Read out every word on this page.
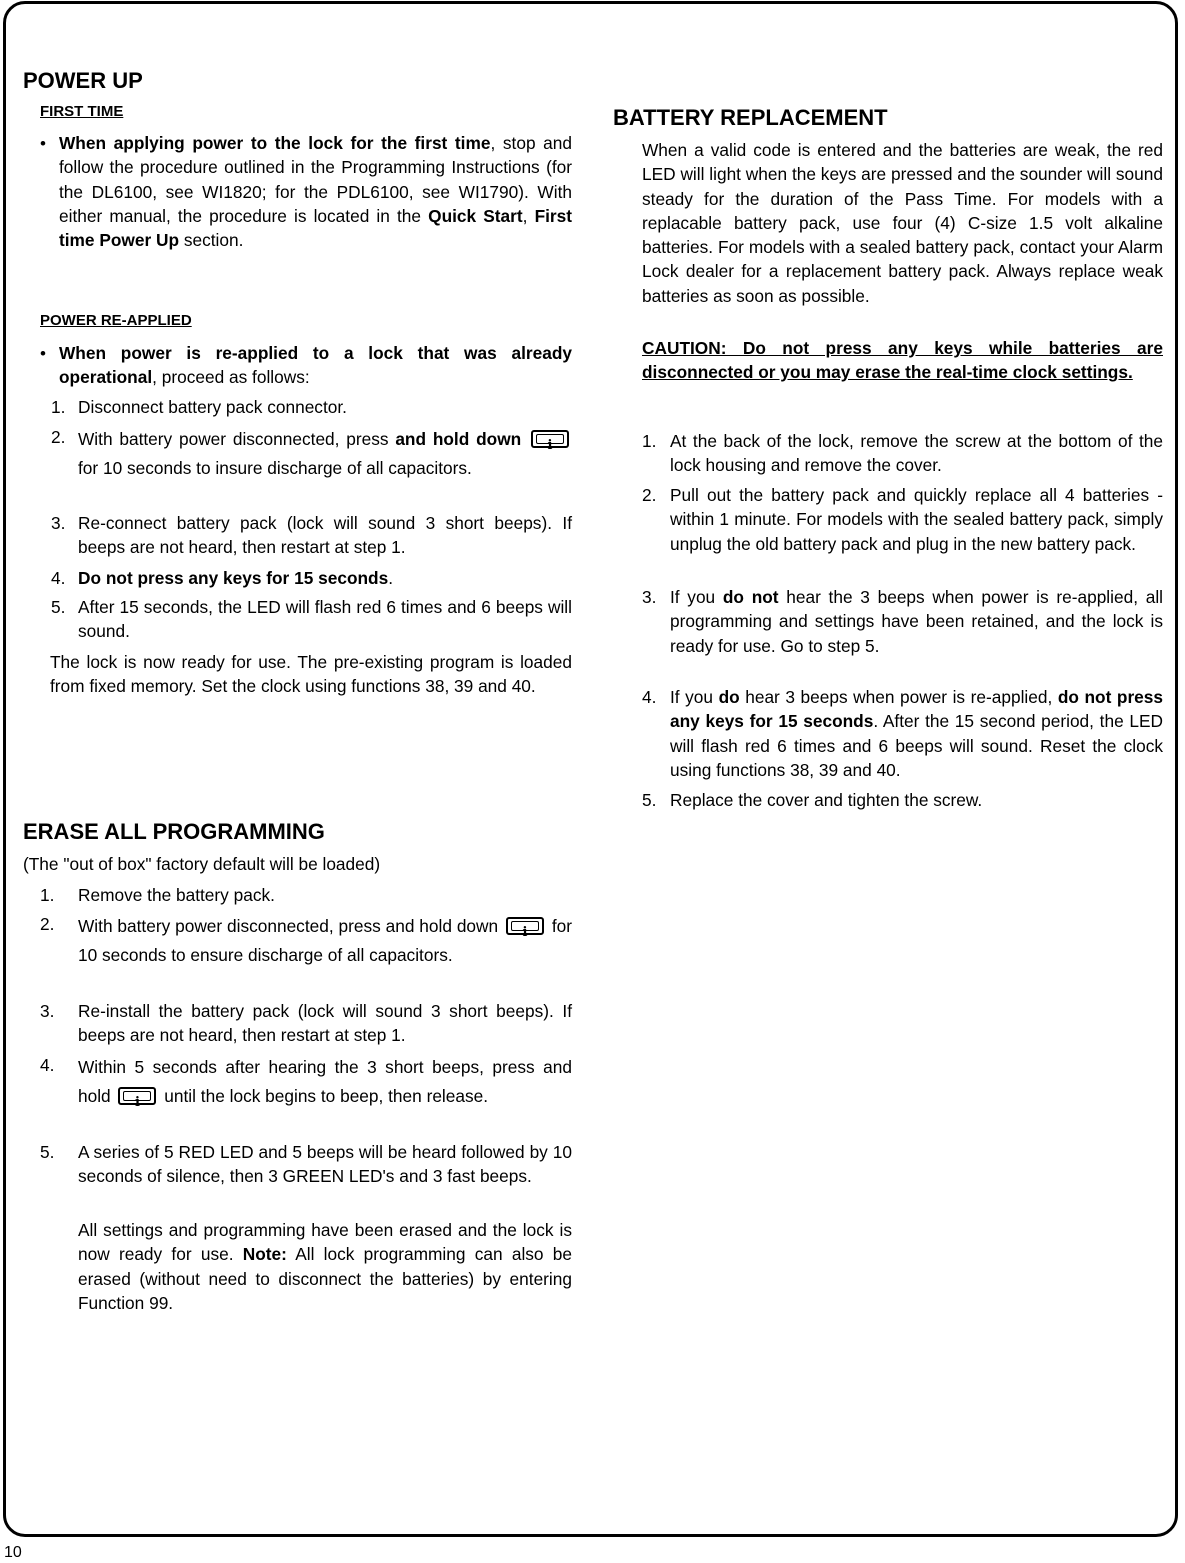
POWER UP
FIRST TIME
• When applying power to the lock for the first time, stop and follow the procedure outlined in the Programming Instructions (for the DL6100, see WI1820; for the PDL6100, see WI1790). With either manual, the procedure is located in the Quick Start, First time Power Up section.
POWER RE-APPLIED
• When power is re-applied to a lock that was already operational, proceed as follows:
1. Disconnect battery pack connector.
2. With battery power disconnected, press and hold down i for 10 seconds to insure discharge of all capacitors.
3. Re-connect battery pack (lock will sound 3 short beeps). If beeps are not heard, then restart at step 1.
4. Do not press any keys for 15 seconds.
5. After 15 seconds, the LED will flash red 6 times and 6 beeps will sound.
The lock is now ready for use. The pre-existing program is loaded from fixed memory. Set the clock using functions 38, 39 and 40.
ERASE ALL PROGRAMMING
(The "out of box" factory default will be loaded)
1. Remove the battery pack.
2. With battery power disconnected, press and hold down i	for 10 seconds to ensure discharge of all capacitors.
3. Re-install the battery pack (lock will sound 3 short beeps). If beeps are not heard, then restart at step 1.
4. Within 5 seconds after hearing the 3 short beeps, press and hold i	until the lock begins to beep, then release.
5. A series of 5 RED LED and 5 beeps will be heard followed by 10 seconds of silence, then 3 GREEN LED's and 3 fast beeps.
All settings and programming have been erased and the lock is now ready for use. Note: All lock programming can also be erased (without need to disconnect the batteries) by entering Function 99.
BATTERY REPLACEMENT
When a valid code is entered and the batteries are weak, the red LED will light when the keys are pressed and the sounder will sound steady for the duration of the Pass Time. For models with a replacable battery pack, use four (4) C-size 1.5 volt alkaline batteries. For models with a sealed battery pack, contact your Alarm Lock dealer for a replacement battery pack. Always replace weak batteries as soon as possible.
CAUTION: Do not press any keys while batteries are disconnected or you may erase the real-time clock settings.
1. At the back of the lock, remove the screw at the bottom of the lock housing and remove the cover.
2. Pull out the battery pack and quickly replace all 4 batteries - within 1 minute. For models with the sealed battery pack, simply unplug the old battery pack and plug in the new battery pack.
3. If you do not hear the 3 beeps when power is re-applied, all programming and settings have been retained, and the lock is ready for use. Go to step 5.
4. If you do hear 3 beeps when power is re-applied, do not press any keys for 15 seconds. After the 15 second period, the LED will flash red 6 times and 6 beeps will sound. Reset the clock using functions 38, 39 and 40.
5. Replace the cover and tighten the screw.
10
